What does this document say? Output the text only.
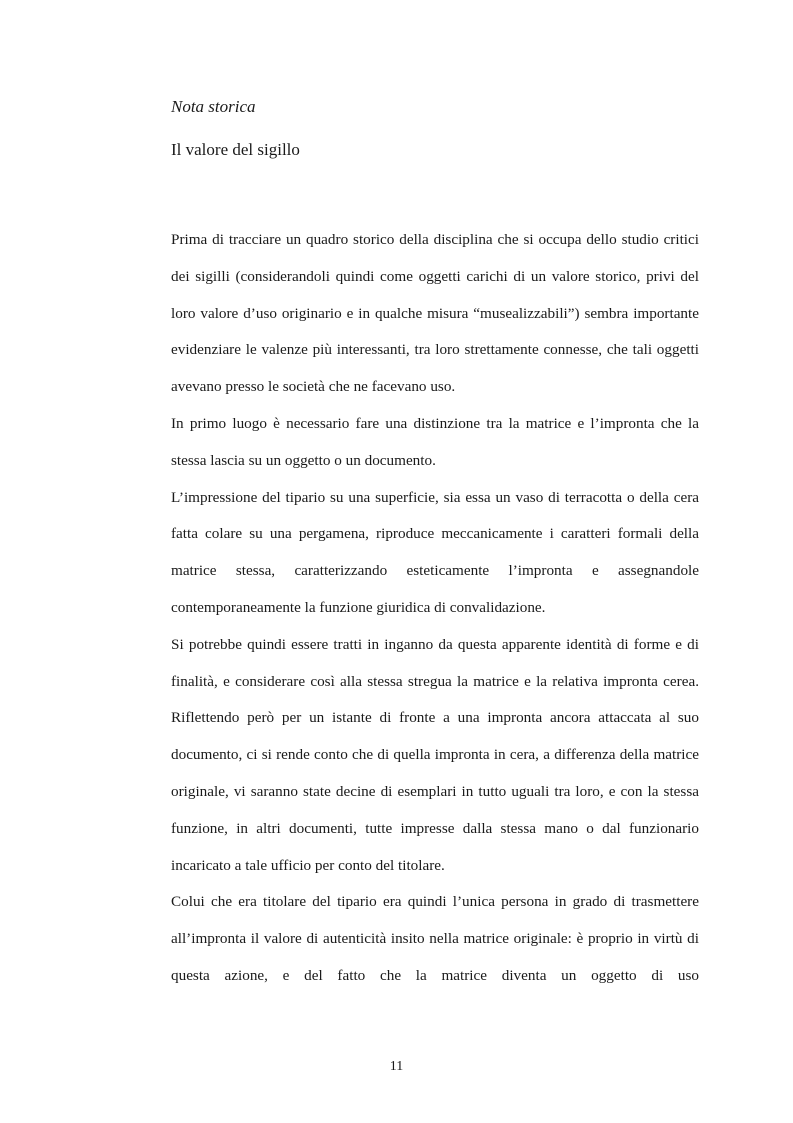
Nota storica
Il valore del sigillo

Prima di tracciare un quadro storico della disciplina che si occupa dello studio critici dei sigilli (considerandoli quindi come oggetti carichi di un valore storico, privi del loro valore d’uso originario e in qualche misura “musealizzabili”) sembra importante evidenziare le valenze più interessanti, tra loro strettamente connesse, che tali oggetti avevano presso le società che ne facevano uso.

In primo luogo è necessario fare una distinzione tra la matrice e l’impronta che la stessa lascia su un oggetto o un documento.

L’impressione del tipario su una superficie, sia essa un vaso di terracotta o della cera fatta colare su una pergamena, riproduce meccanicamente i caratteri formali della matrice stessa, caratterizzando esteticamente l’impronta e assegnandole contemporaneamente la funzione giuridica di convalidazione.

Si potrebbe quindi essere tratti in inganno da questa apparente identità di forme e di finalità, e considerare così alla stessa stregua la matrice e la relativa impronta cerea. Riflettendo però per un istante di fronte a una impronta ancora attaccata al suo documento, ci si rende conto che di quella impronta in cera, a differenza della matrice originale, vi saranno state decine di esemplari in tutto uguali tra loro, e con la stessa funzione, in altri documenti, tutte impresse dalla stessa mano o dal funzionario incaricato a tale ufficio per conto del titolare.

Colui che era titolare del tipario era quindi l’unica persona in grado di trasmettere all’impronta il valore di autenticità insito nella matrice originale: è proprio in virtù di questa azione, e del fatto che la matrice diventa un oggetto di uso

11
